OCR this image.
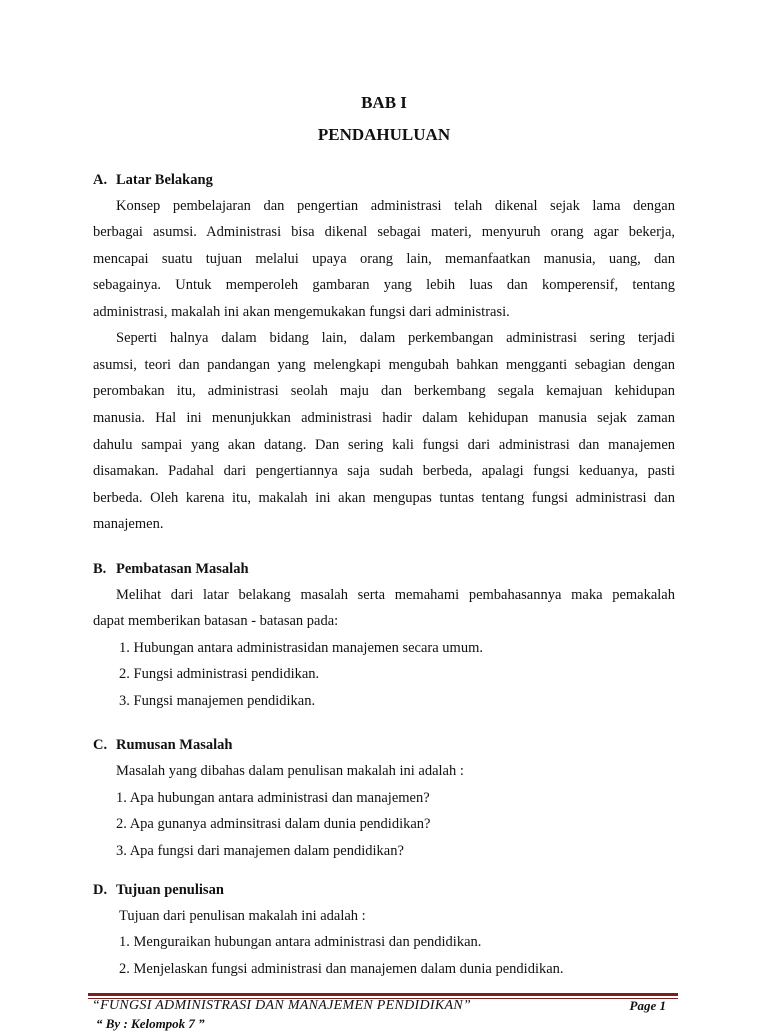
BAB I
PENDAHULUAN
A. Latar Belakang
Konsep pembelajaran dan pengertian administrasi telah dikenal sejak lama dengan
berbagai asumsi. Administrasi bisa dikenal sebagai materi, menyuruh orang agar bekerja,
mencapai suatu tujuan melalui upaya orang lain, memanfaatkan manusia, uang, dan
sebagainya. Untuk memperoleh gambaran yang lebih luas dan komperensif, tentang
administrasi, makalah ini akan mengemukakan fungsi dari administrasi.
Seperti halnya dalam bidang lain, dalam perkembangan administrasi sering terjadi
asumsi, teori dan pandangan yang melengkapi mengubah bahkan mengganti sebagian dengan
perombakan itu, administrasi seolah maju dan berkembang segala kemajuan kehidupan
manusia. Hal ini menunjukkan administrasi hadir dalam kehidupan manusia sejak zaman
dahulu sampai yang akan datang. Dan sering kali fungsi dari administrasi dan manajemen
disamakan. Padahal dari pengertiannya saja sudah berbeda, apalagi fungsi keduanya, pasti
berbeda. Oleh karena itu, makalah ini akan mengupas tuntas tentang fungsi administrasi dan
manajemen.
B. Pembatasan Masalah
Melihat dari latar belakang masalah serta memahami pembahasannya maka pemakalah
dapat memberikan batasan - batasan pada:
1. Hubungan antara administrasidan manajemen secara umum.
2. Fungsi administrasi pendidikan.
3. Fungsi manajemen pendidikan.
C. Rumusan Masalah
Masalah yang dibahas dalam penulisan makalah ini adalah :
1. Apa hubungan antara administrasi dan manajemen?
2. Apa gunanya adminsitrasi dalam dunia pendidikan?
3. Apa fungsi dari manajemen dalam pendidikan?
D. Tujuan penulisan
Tujuan dari penulisan makalah ini adalah :
1. Menguraikan hubungan antara administrasi dan pendidikan.
2. Menjelaskan fungsi administrasi dan manajemen dalam dunia pendidikan.
“FUNGSI ADMINISTRASI DAN MANAJEMEN PENDIDIKAN”	Page 1
“ By : Kelompok 7 ”
